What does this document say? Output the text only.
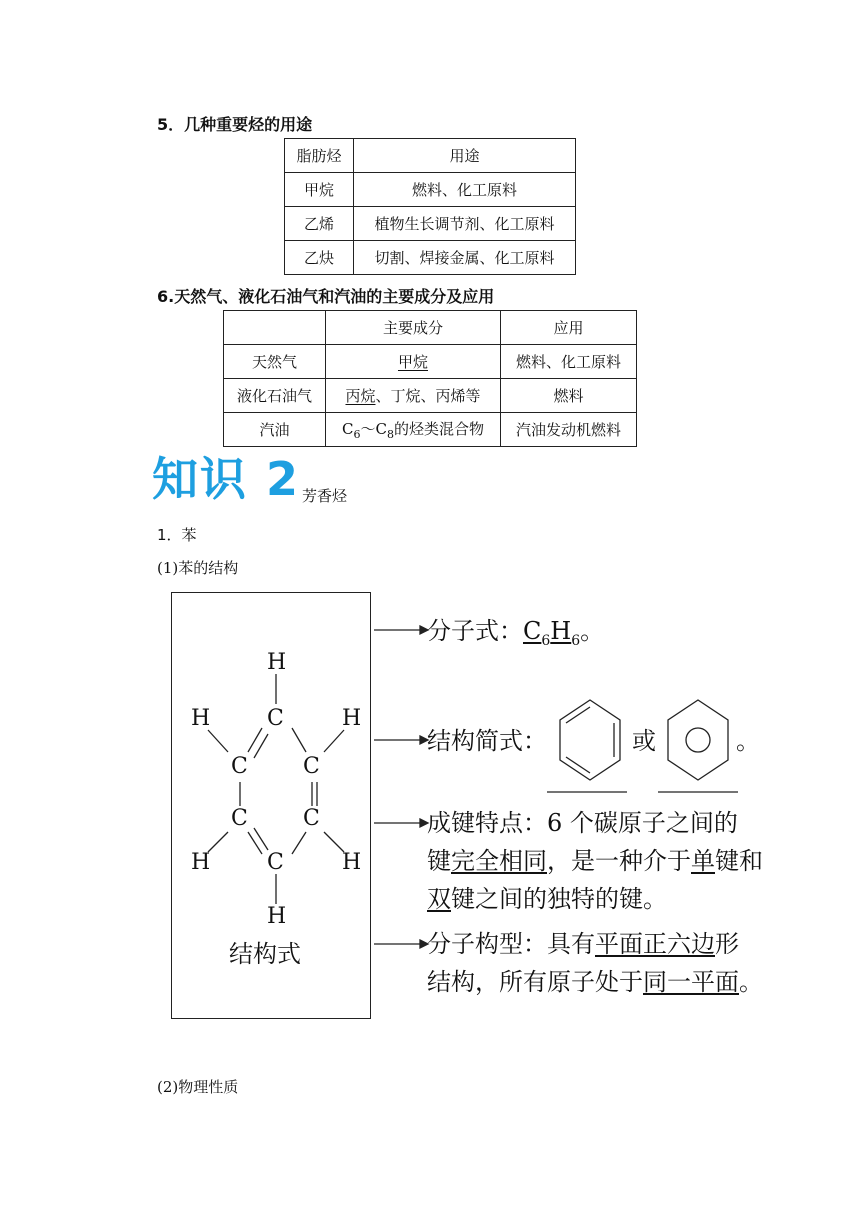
5．几种重要烃的用途
脂肪烃	用途
甲烷	燃料、化工原料
乙烯	植物生长调节剂、化工原料
乙炔	切割、焊接金属、化工原料
6.天然气、液化石油气和汽油的主要成分及应用
	主要成分	应用
天然气	甲烷	燃料、化工原料
液化石油气	丙烷、丁烷、丙烯等	燃料
汽油	$C_6\sim C_8$的烃类混合物	汽油发动机燃料
知识 2 芳香烃
1．苯
(1)苯的结构
H
H	C	H
C	C
C	C
H	C	H
H
结构式
分子式：$C_6H_6$。
结构简式：	或	。
成键特点：6 个碳原子之间的
键完全相同，是一种介于单键和
双键之间的独特的键。
分子构型：具有平面正六边形
结构，所有原子处于同一平面。
(2)物理性质
